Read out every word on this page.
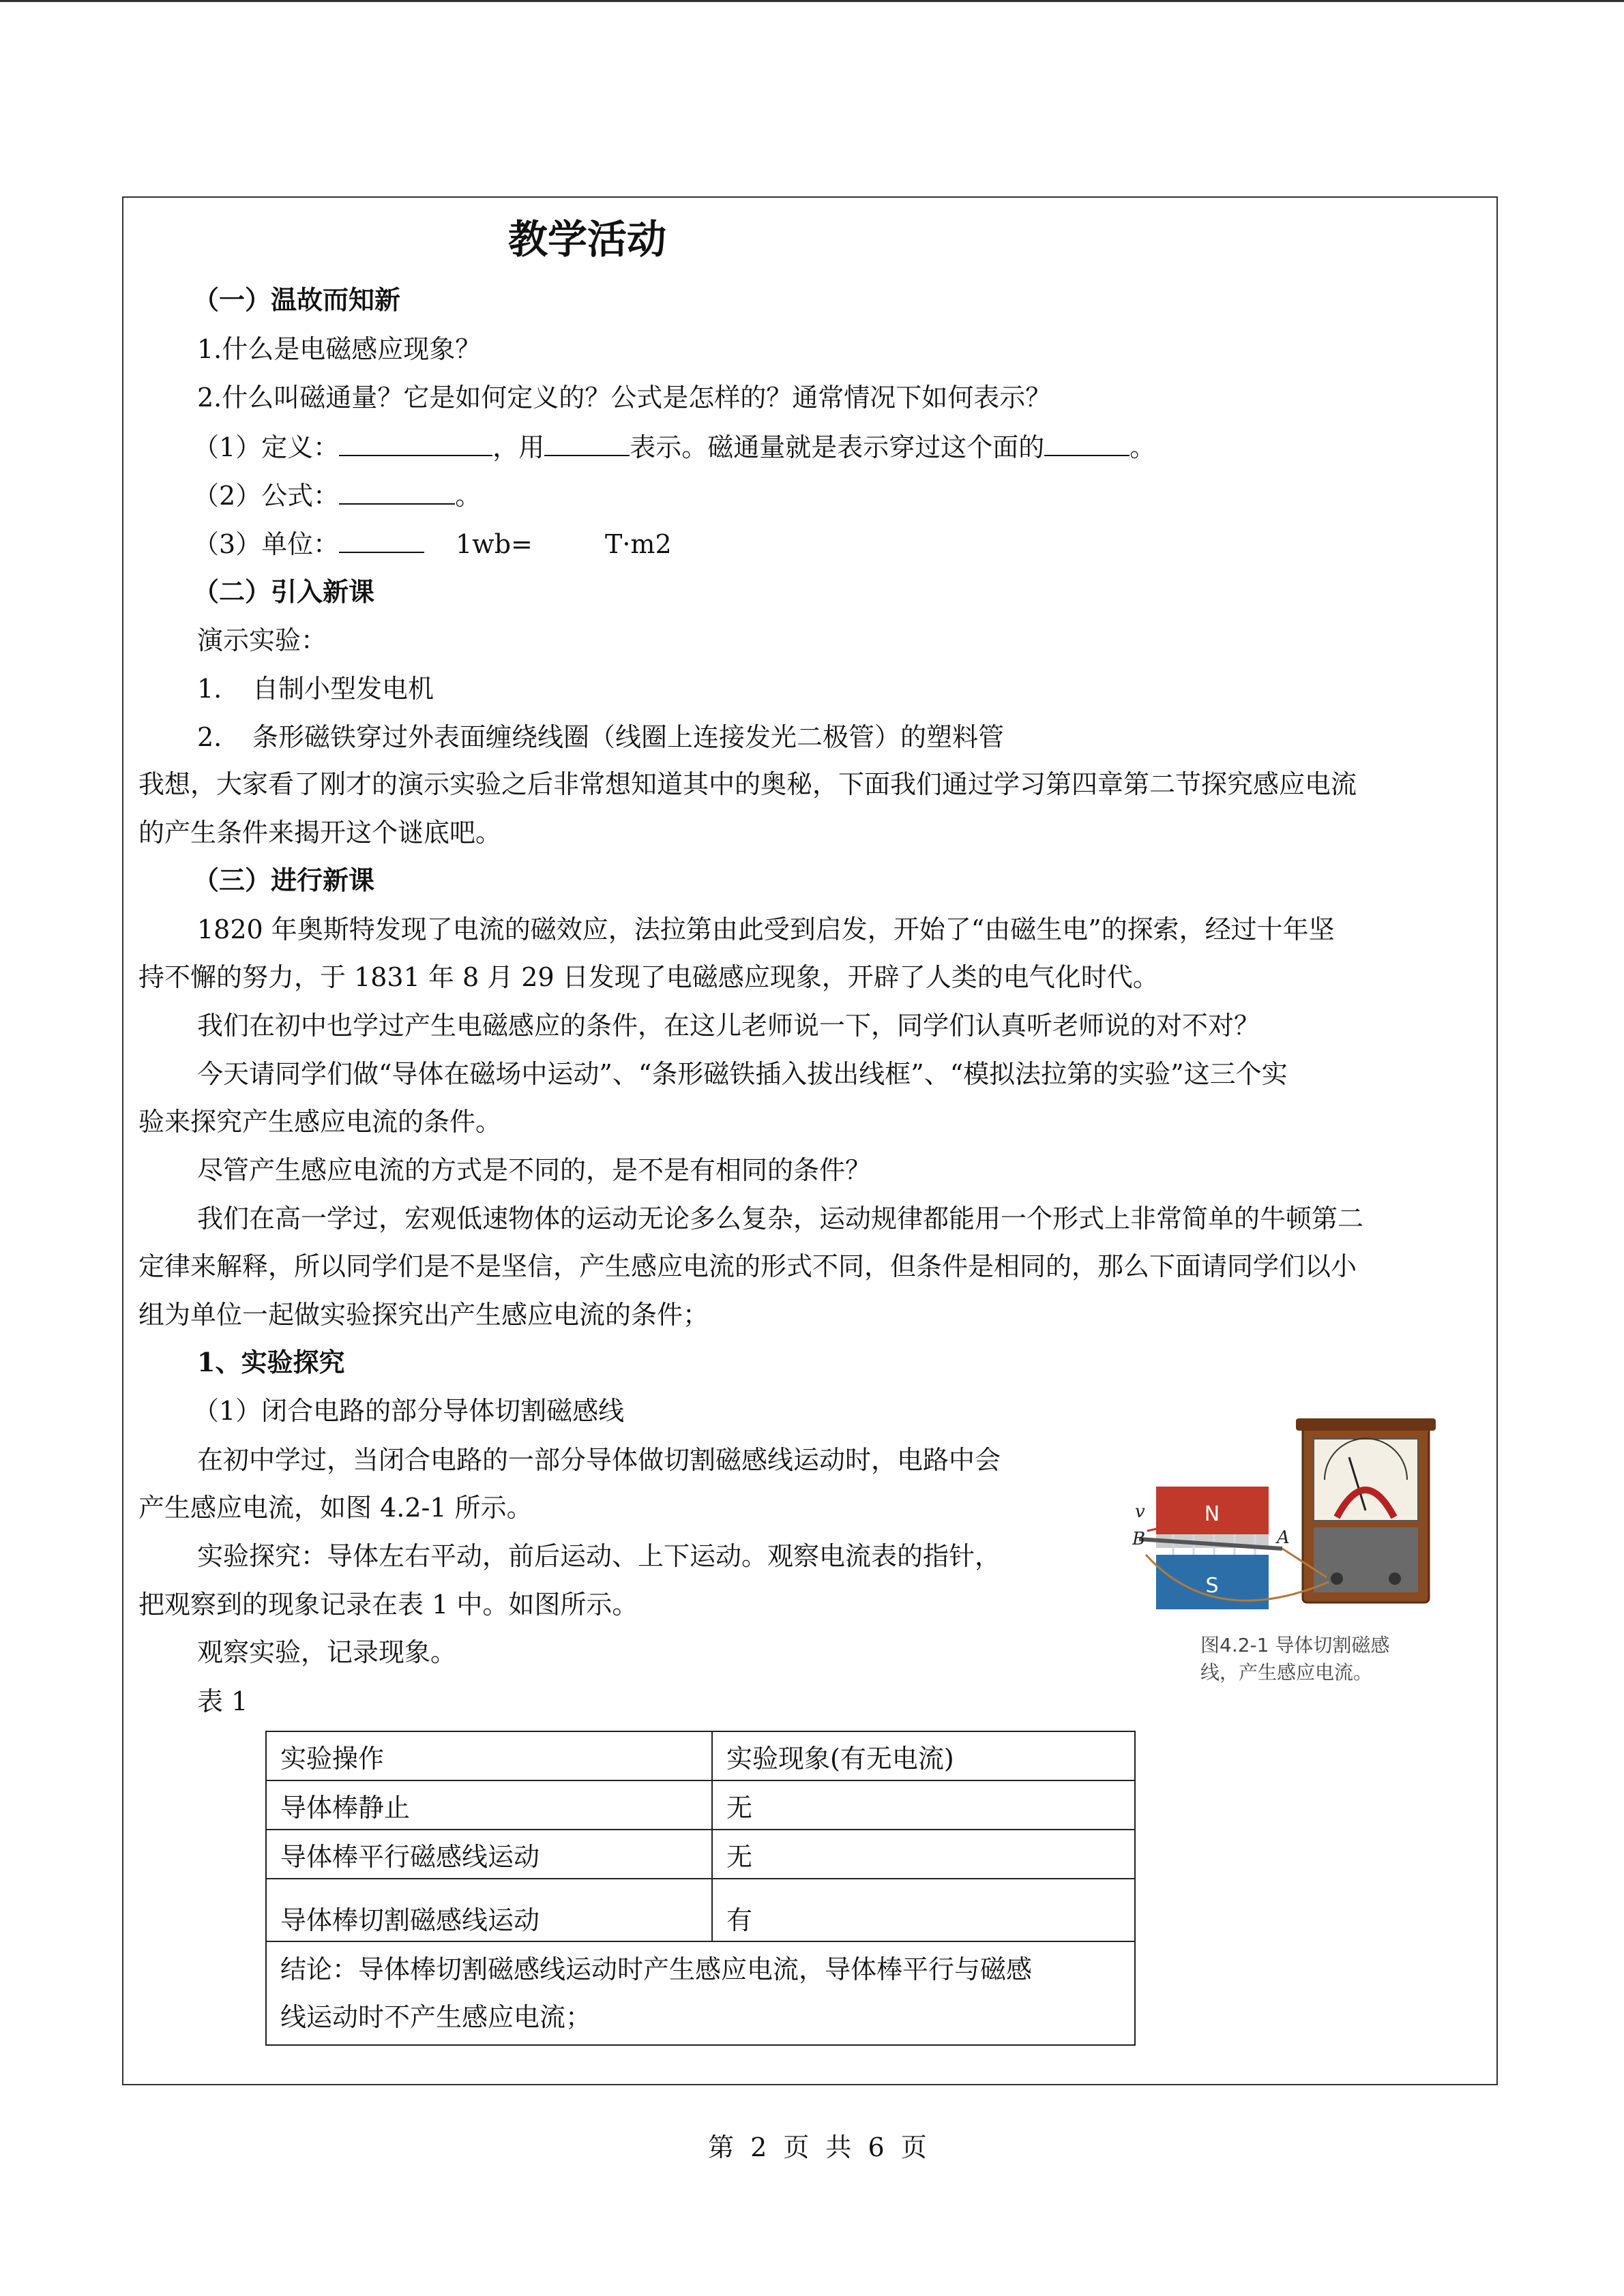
教学活动
（一）温故而知新
1.什么是电磁感应现象？
2.什么叫磁通量？它是如何定义的？公式是怎样的？通常情况下如何表示？
（1）定义：	，用	表示。磁通量就是表示穿过这个面的	。
（2）公式：	。
（3）单位：	1wb=	T·m2
（二）引入新课
演示实验：
1. 自制小型发电机
2. 条形磁铁穿过外表面缠绕线圈（线圈上连接发光二极管）的塑料管
我想，大家看了刚才的演示实验之后非常想知道其中的奥秘，下面我们通过学习第四章第二节探究感应电流
的产生条件来揭开这个谜底吧。
（三）进行新课
1820 年奥斯特发现了电流的磁效应，法拉第由此受到启发，开始了“由磁生电”的探索，经过十年坚
持不懈的努力，于 1831 年 8 月 29 日发现了电磁感应现象，开辟了人类的电气化时代。
我们在初中也学过产生电磁感应的条件，在这儿老师说一下，同学们认真听老师说的对不对？
今天请同学们做“导体在磁场中运动”、“条形磁铁插入拔出线框”、“模拟法拉第的实验”这三个实
验来探究产生感应电流的条件。
尽管产生感应电流的方式是不同的，是不是有相同的条件？
我们在高一学过，宏观低速物体的运动无论多么复杂，运动规律都能用一个形式上非常简单的牛顿第二
定律来解释，所以同学们是不是坚信，产生感应电流的形式不同，但条件是相同的，那么下面请同学们以小
组为单位一起做实验探究出产生感应电流的条件；
1、实验探究
（1）闭合电路的部分导体切割磁感线
在初中学过，当闭合电路的一部分导体做切割磁感线运动时，电路中会
产生感应电流，如图 4.2-1 所示。
实验探究：导体左右平动，前后运动、上下运动。观察电流表的指针，
把观察到的现象记录在表 1 中。如图所示。
观察实验，记录现象。
表 1
N
S
v
B	A
图4.2-1 导体切割磁感
线，产生感应电流。
实验操作	实验现象(有无电流)
导体棒静止	无
导体棒平行磁感线运动	无
导体棒切割磁感线运动	有

结论：导体棒切割磁感线运动时产生感应电流，导体棒平行与磁感
线运动时不产生感应电流；	
第 2 页 共 6 页
